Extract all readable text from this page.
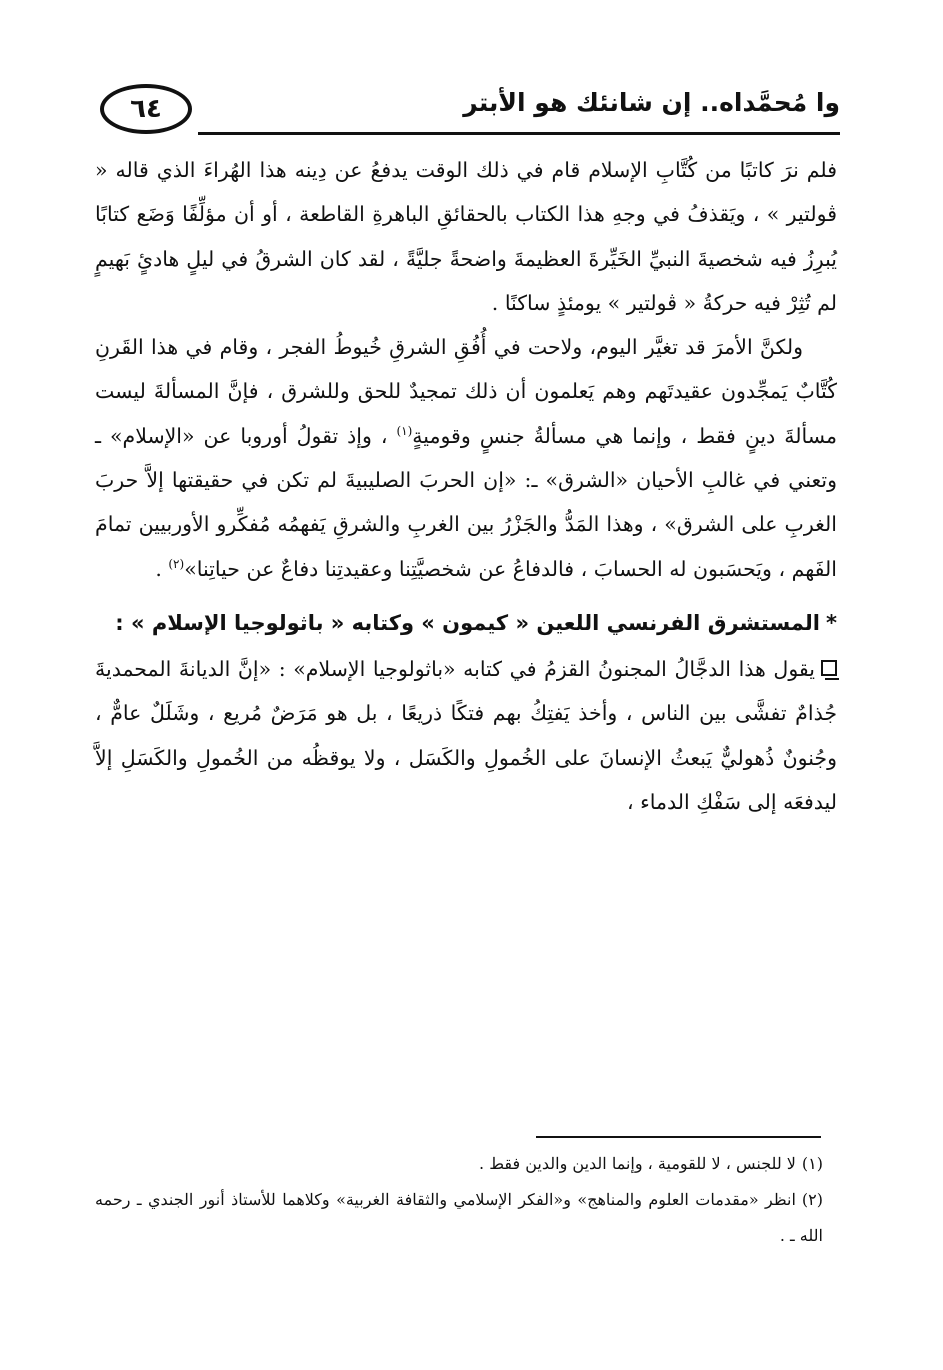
وا مُحمَّداه.. إن شانئك هو الأبتر
٦٤

فلم نرَ كاتبًا من كُتَّابِ الإسلام قام في ذلك الوقت يدفعُ عن دِينه هذا الهُراءَ الذي قاله « ڤولتير » ، ويَقذفُ في وجهِ هذا الكتاب بالحقائقِ الباهرةِ القاطعة ، أو أن مؤلِّفًا وَضَع كتابًا يُبرِزُ فيه شخصيةَ النبيِّ الخَيِّرةَ العظيمةَ واضحةً جليَّةً ، لقد كان الشرقُ في ليلٍ هادئٍ بَهيمٍ لم تُثِرْ فيه حركةُ « ڤولتير » يومئذٍ ساكنًا .

ولكنَّ الأمرَ قد تغيَّر اليوم، ولاحت في أُفُقِ الشرقِ خُيوطُ الفجر ، وقام في هذا القَرنِ كُتَّابٌ يَمجِّدون عقيدتَهم وهم يَعلمون أن ذلك تمجيدٌ للحق وللشرق ، فإنَّ المسألةَ ليست مسألةَ دينٍ فقط ، وإنما هي مسألةُ جنسٍ وقوميةٍ$^{(١)}$ ، وإذ تقولُ أوروبا عن «الإسلام» ـ وتعني في غالبِ الأحيان «الشرق» ـ: «إن الحربَ الصليبيةَ لم تكن في حقيقتها إلاَّ حربَ الغربِ على الشرق» ، وهذا المَدُّ والجَزْرُ بين الغربِ والشرقِ يَفهمُه مُفكِّرو الأوربيين تمامَ الفَهم ، ويَحسَبون له الحسابَ ، فالدفاعُ عن شخصيَّتِنا وعقيدتِنا دفاعٌ عن حياتِنا»$^{(٢)}$ .

*المستشرق الفرنسي اللعين « كيمون » وكتابه « باثولوجيا الإسلام » :

يقول هذا الدجَّالُ المجنونُ القزمُ في كتابه «باثولوجيا الإسلام» : «إنَّ الديانةَ المحمديةَ جُذامٌ تفشَّى بين الناس ، وأخذ يَفتِكُ بهم فتكًا ذريعًا ، بل هو مَرَضٌ مُريع ، وشَلَلٌ عامٌّ ، وجُنونٌ ذُهوليٌّ يَبعثُ الإنسانَ على الخُمولِ والكَسَل ، ولا يوقظُه من الخُمولِ والكَسَلِ إلاَّ ليدفعَه إلى سَفْكِ الدماء ،

(١)لا للجنس ، لا للقومية ، وإنما الدين والدين فقط .

(٢)انظر «مقدمات العلوم والمناهج» و«الفكر الإسلامي والثقافة الغربية» وكلاهما للأستاذ أنور الجندي ـ رحمه الله ـ .
